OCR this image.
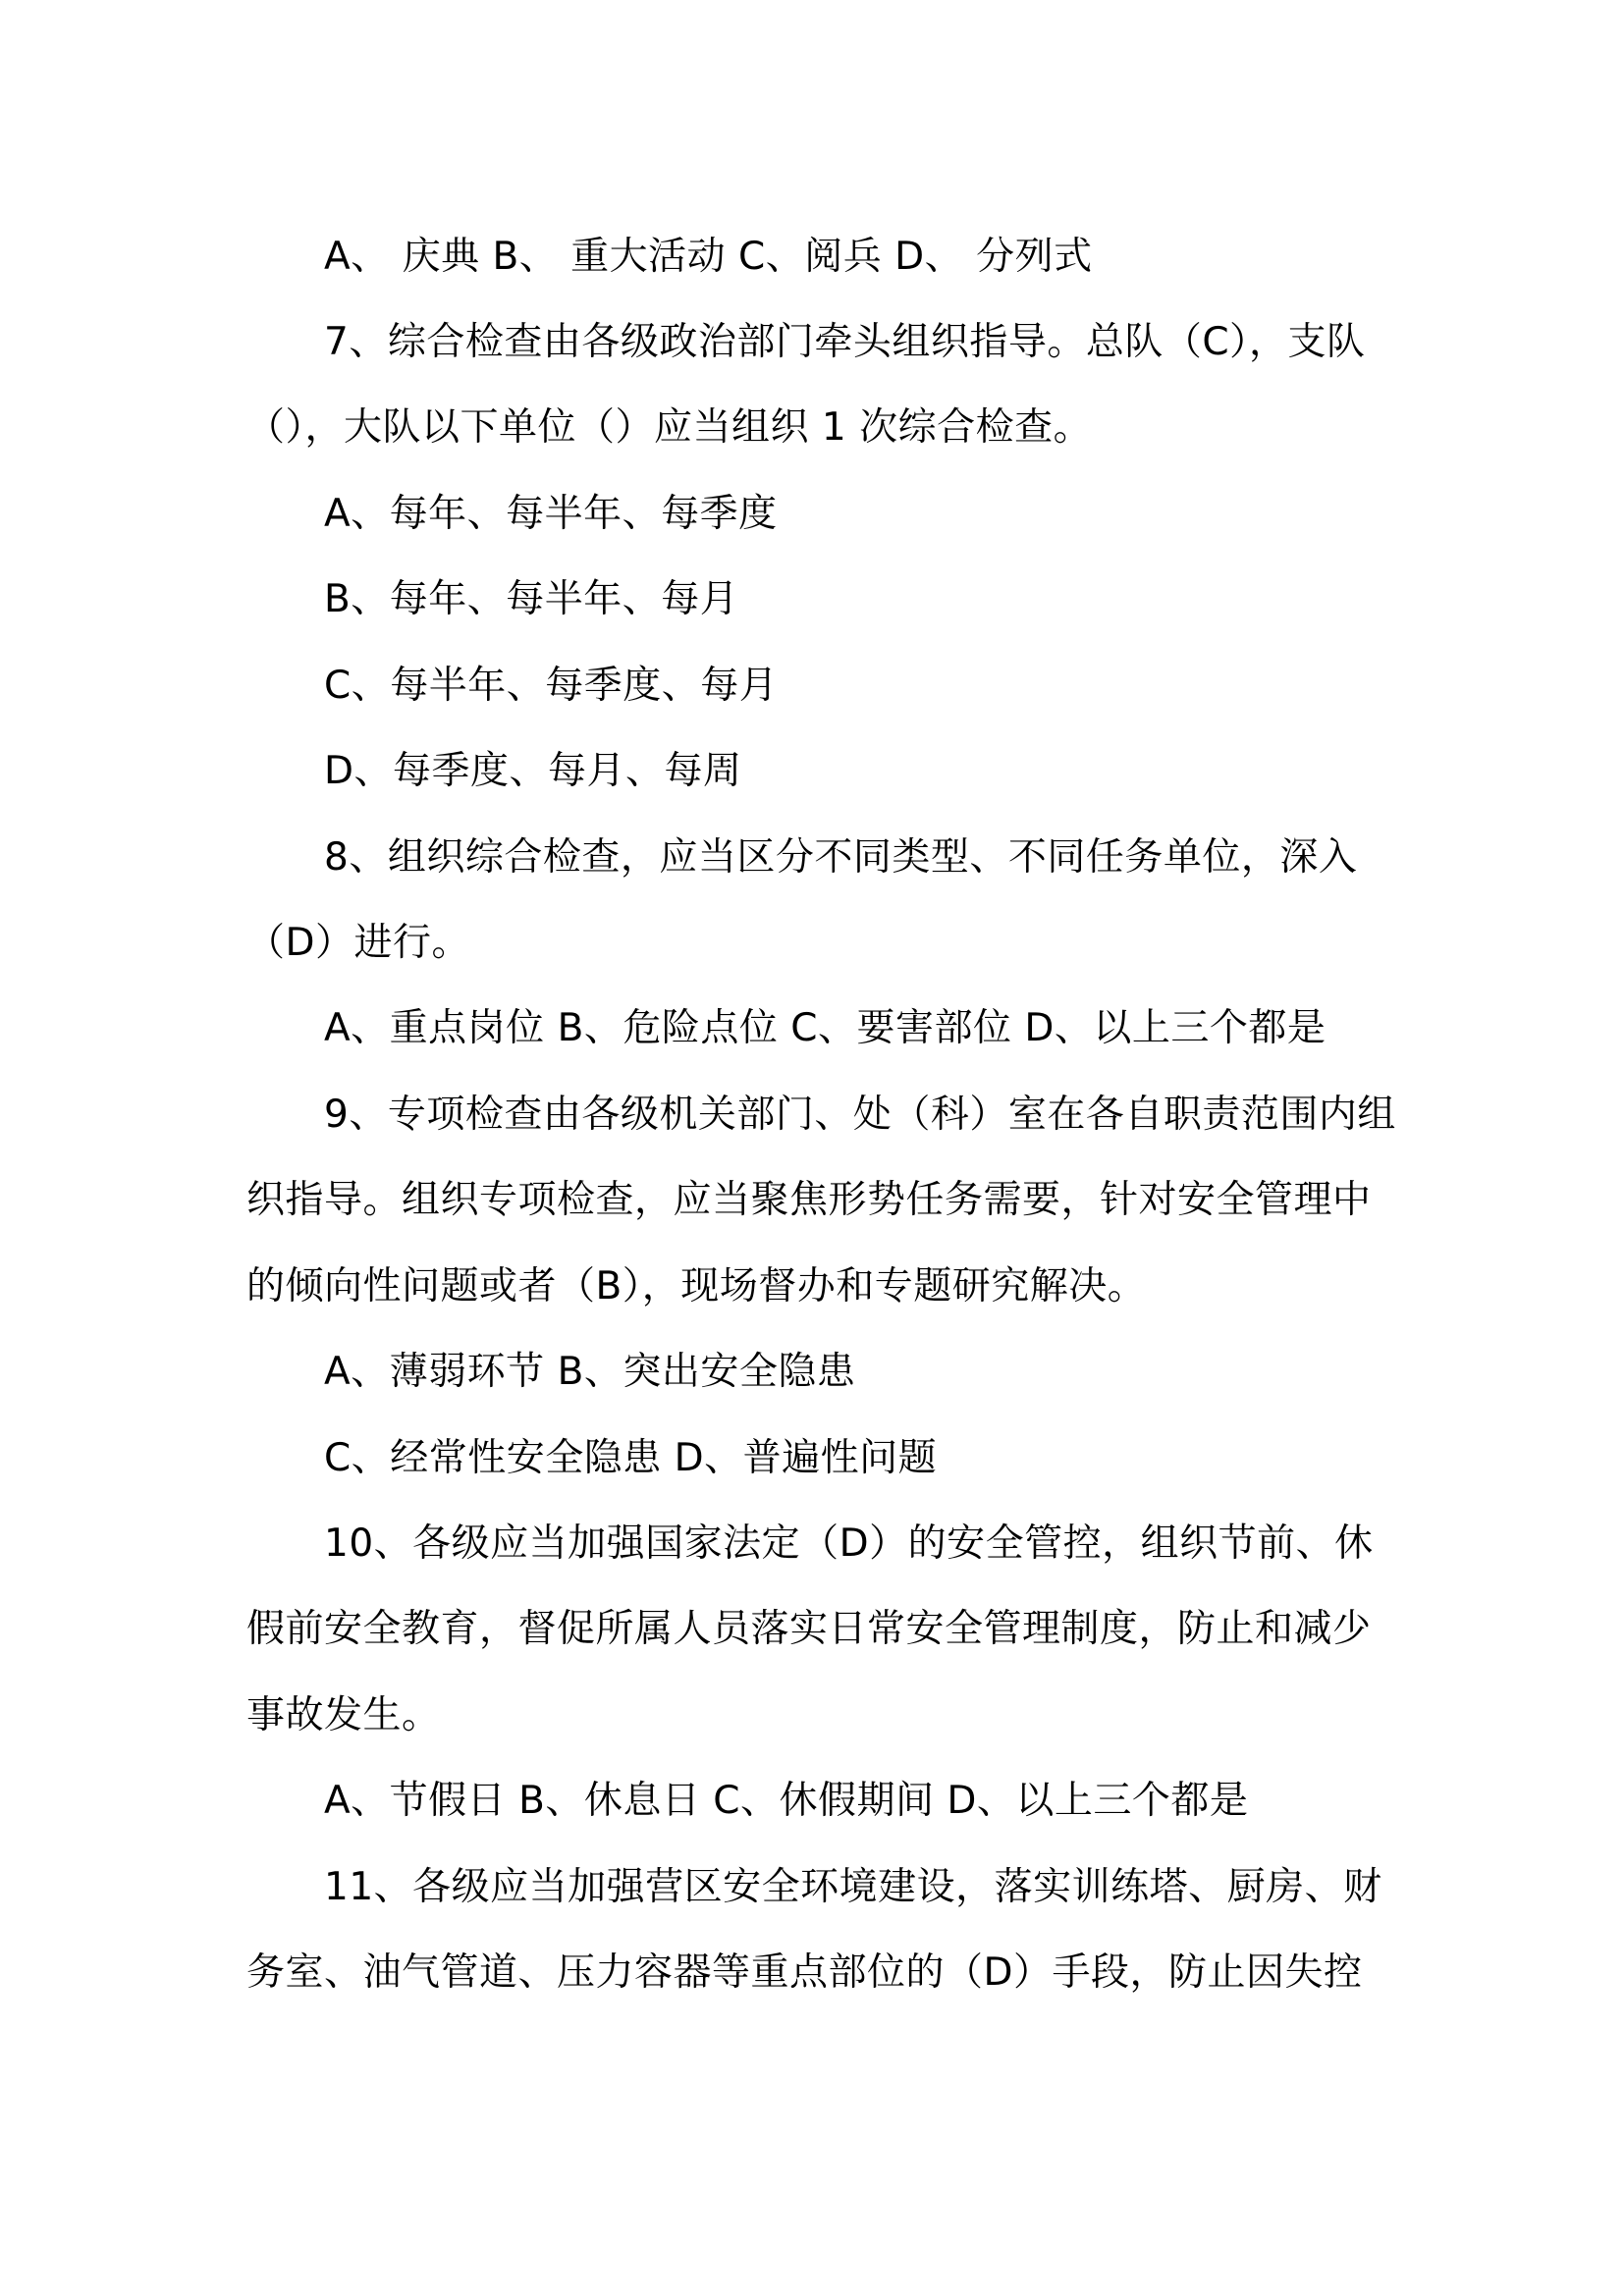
A、 庆典 B、 重大活动 C、阅兵 D、 分列式
7、综合检查由各级政治部门牵头组织指导。总队（C），支队
（），大队以下单位（）应当组织 1 次综合检查。
A、每年、每半年、每季度
B、每年、每半年、每月
C、每半年、每季度、每月
D、每季度、每月、每周
8、组织综合检查，应当区分不同类型、不同任务单位，深入
（D）进行。
A、重点岗位 B、危险点位 C、要害部位 D、以上三个都是
9、专项检查由各级机关部门、处（科）室在各自职责范围内组
织指导。组织专项检查，应当聚焦形势任务需要，针对安全管理中
的倾向性问题或者（B），现场督办和专题研究解决。
A、薄弱环节 B、突出安全隐患
C、经常性安全隐患 D、普遍性问题
10、各级应当加强国家法定（D）的安全管控，组织节前、休
假前安全教育，督促所属人员落实日常安全管理制度，防止和减少
事故发生。
A、节假日 B、休息日 C、休假期间 D、以上三个都是
11、各级应当加强营区安全环境建设，落实训练塔、厨房、财
务室、油气管道、压力容器等重点部位的（D）手段，防止因失控
